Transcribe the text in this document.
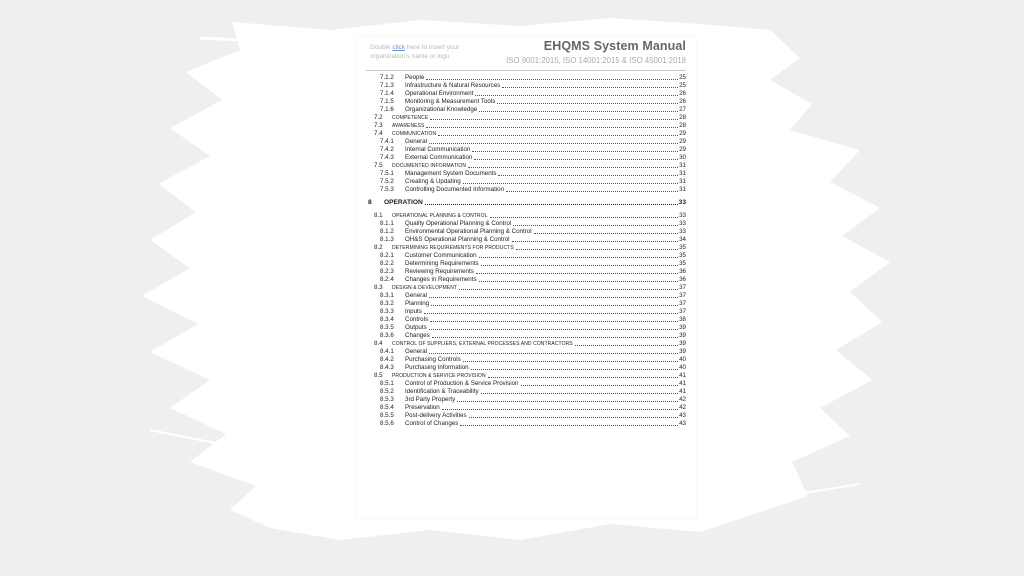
Double click here to insert your organization's name or logo
EHQMS System Manual
ISO 9001:2015, ISO 14001:2015 & ISO 45001:2018
7.1.2	People	25
7.1.3	Infrastructure & Natural Resources	25
7.1.4	Operational Environment	26
7.1.5	Monitoring & Measurement Tools	26
7.1.6	Organizational Knowledge	27
7.2	COMPETENCE	28
7.3	AWARENESS	28
7.4	COMMUNICATION	29
7.4.1	General	29
7.4.2	Internal Communication	29
7.4.3	External Communication	30
7.5	DOCUMENTED INFORMATION	31
7.5.1	Management System Documents	31
7.5.2	Creating & Updating	31
7.5.3	Controlling Documented Information	31
8	OPERATION	33
8.1	OPERATIONAL PLANNING & CONTROL	33
8.1.1	Quality Operational Planning & Control	33
8.1.2	Environmental Operational Planning & Control	33
8.1.3	OH&S Operational Planning & Control	34
8.2	DETERMINING REQUIREMENTS FOR PRODUCTS	35
8.2.1	Customer Communication	35
8.2.2	Determining Requirements	35
8.2.3	Reviewing Requirements	36
8.2.4	Changes in Requirements	36
8.3	DESIGN & DEVELOPMENT	37
8.3.1	General	37
8.3.2	Planning	37
8.3.3	Inputs	37
8.3.4	Controls	38
8.3.5	Outputs	39
8.3.6	Changes	39
8.4	CONTROL OF SUPPLIERS, EXTERNAL PROCESSES AND CONTRACTORS	39
8.4.1	General	39
8.4.2	Purchasing Controls	40
8.4.3	Purchasing Information	40
8.5	PRODUCTION & SERVICE PROVISION	41
8.5.1	Control of Production & Service Provision	41
8.5.2	Identification & Traceability	41
8.5.3	3rd Party Property	42
8.5.4	Preservation	42
8.5.5	Post-delivery Activities	43
8.5.6	Control of Changes	43
